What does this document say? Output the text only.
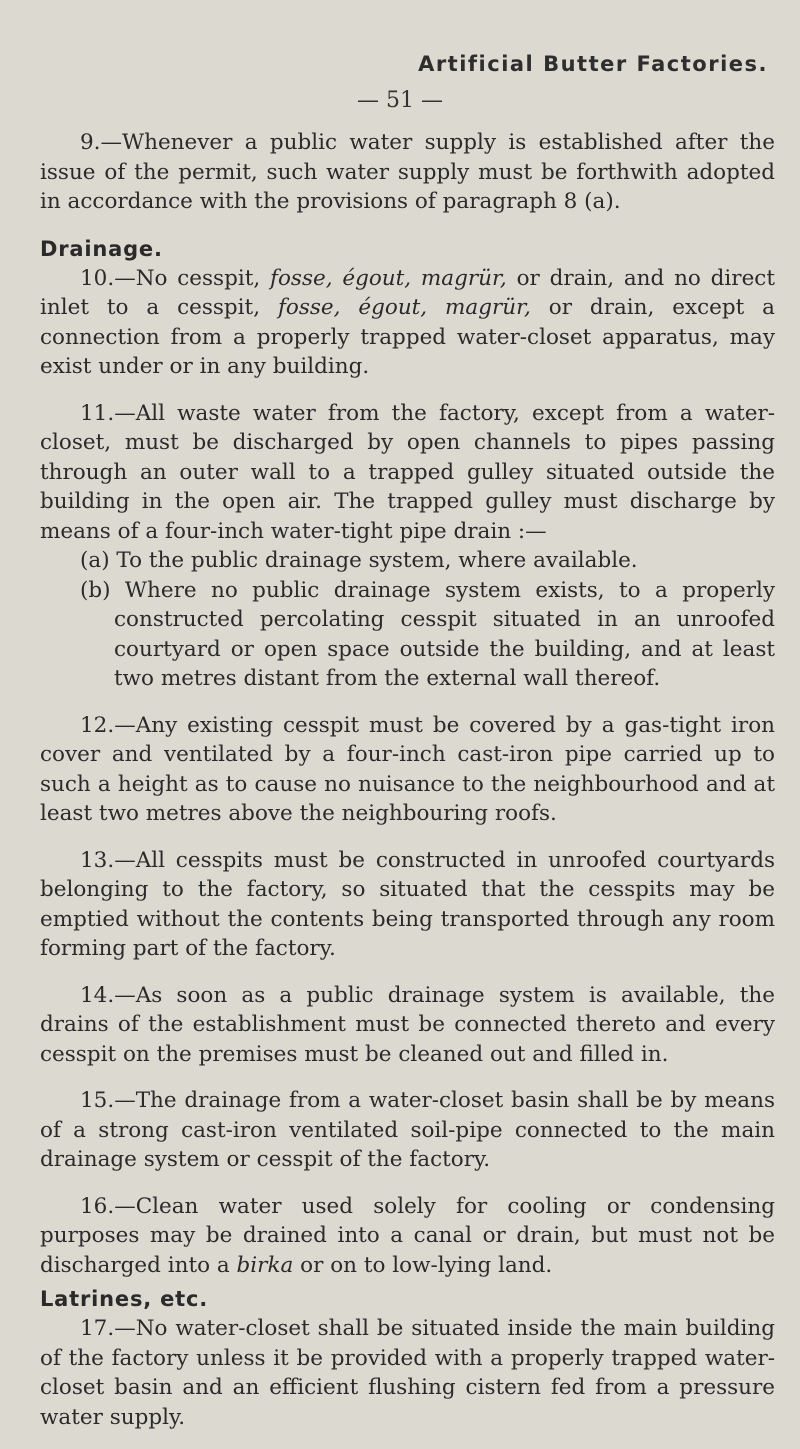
Artificial Butter Factories.
— 51 —

9.—Whenever a public water supply is established after the issue of the permit, such water supply must be forthwith adopted in accordance with the provisions of paragraph 8 (a).

Drainage.

10.—No cesspit, fosse, égout, magrür, or drain, and no direct inlet to a cesspit, fosse, égout, magrür, or drain, except a connection from a properly trapped water-closet apparatus, may exist under or in any building.

11.—All waste water from the factory, except from a water-closet, must be discharged by open channels to pipes passing through an outer wall to a trapped gulley situated outside the building in the open air. The trapped gulley must discharge by means of a four-inch water-tight pipe drain :—

(a) To the public drainage system, where available.

(b) Where no public drainage system exists, to a properly constructed percolating cesspit situated in an unroofed courtyard or open space outside the building, and at least two metres distant from the external wall thereof.

12.—Any existing cesspit must be covered by a gas-tight iron cover and ventilated by a four-inch cast-iron pipe carried up to such a height as to cause no nuisance to the neighbourhood and at least two metres above the neighbouring roofs.

13.—All cesspits must be constructed in unroofed courtyards belonging to the factory, so situated that the cesspits may be emptied without the contents being transported through any room forming part of the factory.

14.—As soon as a public drainage system is available, the drains of the establishment must be connected thereto and every cesspit on the premises must be cleaned out and filled in.

15.—The drainage from a water-closet basin shall be by means of a strong cast-iron ventilated soil-pipe connected to the main drainage system or cesspit of the factory.

16.—Clean water used solely for cooling or condensing purposes may be drained into a canal or drain, but must not be discharged into a birka or on to low-lying land.

Latrines, etc.

17.—No water-closet shall be situated inside the main building of the factory unless it be provided with a properly trapped water-closet basin and an efficient flushing cistern fed from a pressure water supply.
